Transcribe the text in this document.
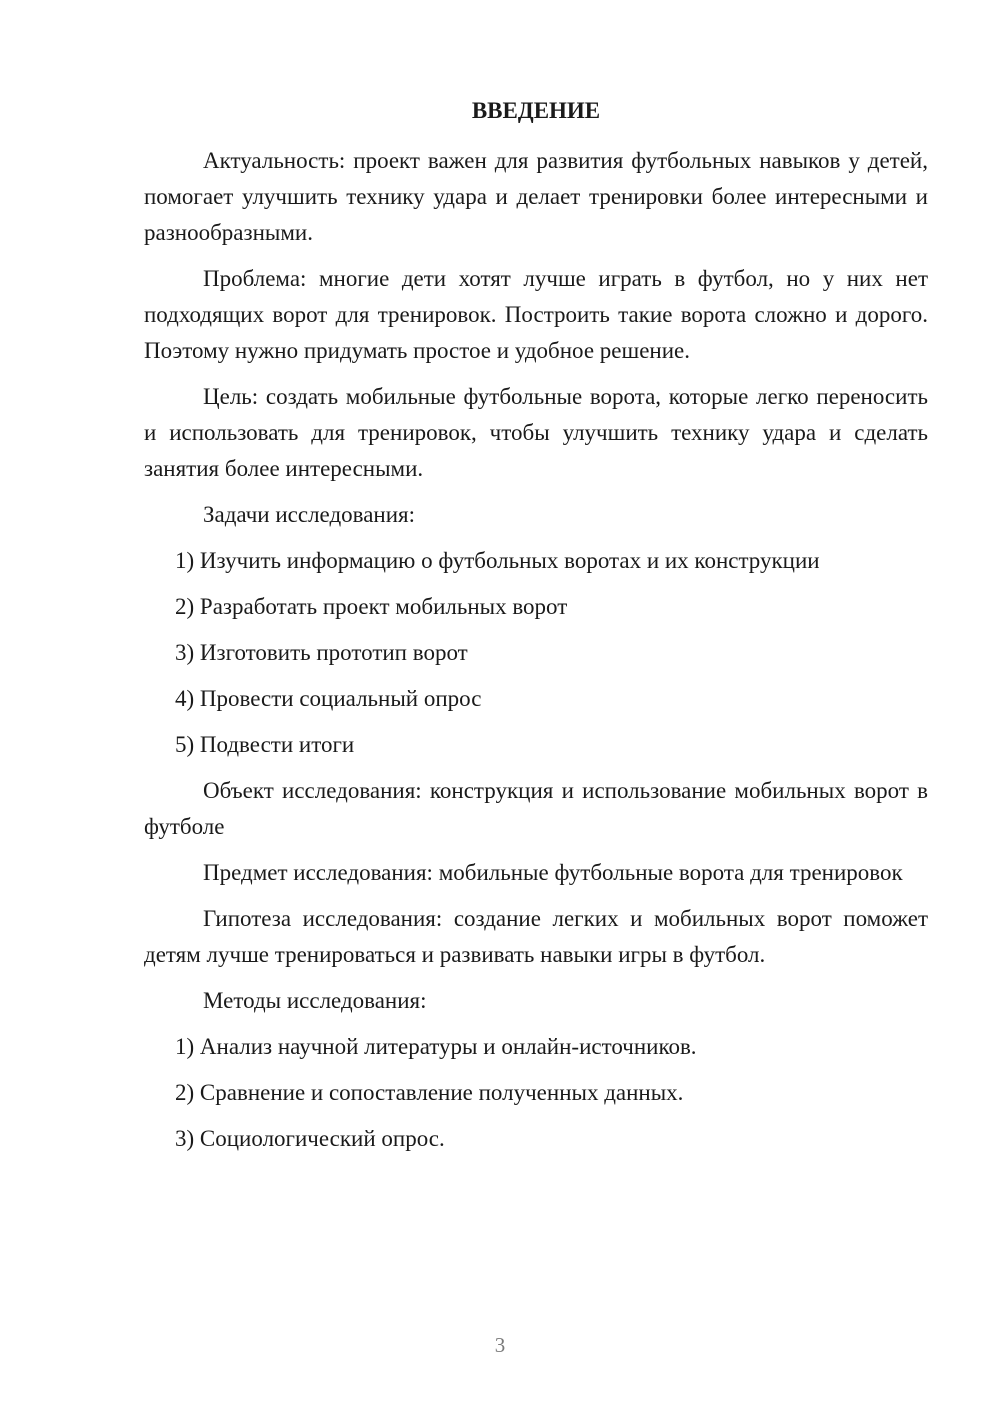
ВВЕДЕНИЕ

Актуальность: проект важен для развития футбольных навыков у детей, помогает улучшить технику удара и делает тренировки более интересными и разнообразными.

Проблема: многие дети хотят лучше играть в футбол, но у них нет подходящих ворот для тренировок. Построить такие ворота сложно и дорого. Поэтому нужно придумать простое и удобное решение.

Цель: создать мобильные футбольные ворота, которые легко переносить и использовать для тренировок, чтобы улучшить технику удара и сделать занятия более интересными.

Задачи исследования:

1) Изучить информацию о футбольных воротах и их конструкции
2) Разработать проект мобильных ворот
3) Изготовить прототип ворот
4) Провести социальный опрос
5) Подвести итоги

Объект исследования: конструкция и использование мобильных ворот в футболе

Предмет исследования: мобильные футбольные ворота для тренировок

Гипотеза исследования: создание легких и мобильных ворот поможет детям лучше тренироваться и развивать навыки игры в футбол.

Методы исследования:

1) Анализ научной литературы и онлайн-источников.
2) Сравнение и сопоставление полученных данных.
3) Социологический опрос.
3
